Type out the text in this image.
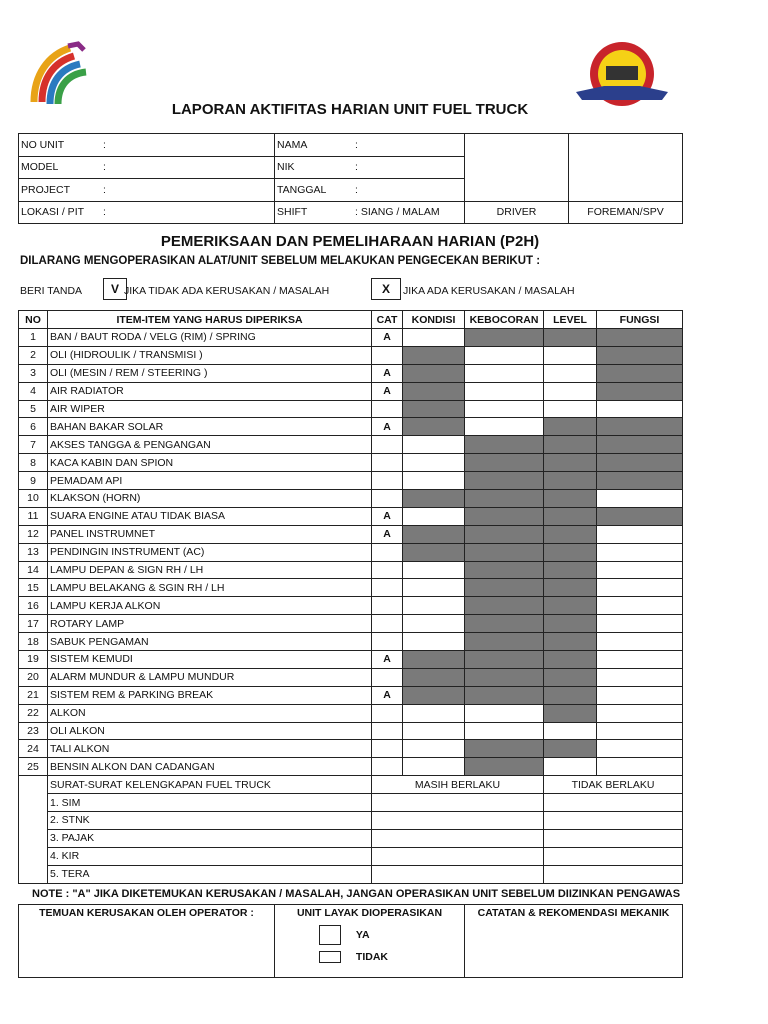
LAPORAN AKTIFITAS HARIAN UNIT FUEL TRUCK
NO UNIT :	NAMA :		
MODEL :	NIK :		
PROJECT :	TANGGAL :		
LOKASI / PIT :	SHIFT : SIANG / MALAM	DRIVER	FOREMAN/SPV
PEMERIKSAAN DAN PEMELIHARAAN HARIAN (P2H)
DILARANG MENGOPERASIKAN ALAT/UNIT SEBELUM MELAKUKAN PENGECEKAN BERIKUT :
BERI TANDA	V JIKA TIDAK ADA KERUSAKAN / MASALAH	X	JIKA ADA KERUSAKAN / MASALAH
NO	ITEM-ITEM YANG HARUS DIPERIKSA	CAT	KONDISI	KEBOCORAN	LEVEL	FUNGSI
1	BAN / BAUT RODA / VELG (RIM) / SPRING	A				
2	OLI (HIDROULIK / TRANSMISI )					
3	OLI (MESIN / REM / STEERING )	A				
4	AIR RADIATOR	A				
5	AIR WIPER					
6	BAHAN BAKAR SOLAR	A				
7	AKSES TANGGA & PENGANGAN					
8	KACA KABIN DAN SPION					
9	PEMADAM API					
10	KLAKSON (HORN)					
11	SUARA ENGINE ATAU TIDAK BIASA	A				
12	PANEL INSTRUMNET	A				
13	PENDINGIN INSTRUMENT (AC)					
14	LAMPU DEPAN & SIGN RH / LH					
15	LAMPU BELAKANG & SGIN RH / LH					
16	LAMPU KERJA ALKON					
17	ROTARY LAMP					
18	SABUK PENGAMAN					
19	SISTEM KEMUDI	A				
20	ALARM MUNDUR & LAMPU MUNDUR					
21	SISTEM REM & PARKING BREAK	A				
22	ALKON					
23	OLI ALKON					
24	TALI ALKON					
25	BENSIN ALKON DAN CADANGAN					
	SURAT-SURAT KELENGKAPAN FUEL TRUCK	MASIH BERLAKU			TIDAK BERLAKU	
	1. SIM					
	2. STNK					
	3. PAJAK					
	4. KIR					
	5. TERA					
NOTE : "A" JIKA DIKETEMUKAN KERUSAKAN / MASALAH, JANGAN OPERASIKAN UNIT SEBELUM DIIZINKAN PENGAWAS
TEMUAN KERUSAKAN OLEH OPERATOR :	UNIT LAYAK DIOPERASIKAN
YA
TIDAK
	CATATAN & REKOMENDASI MEKANIK
